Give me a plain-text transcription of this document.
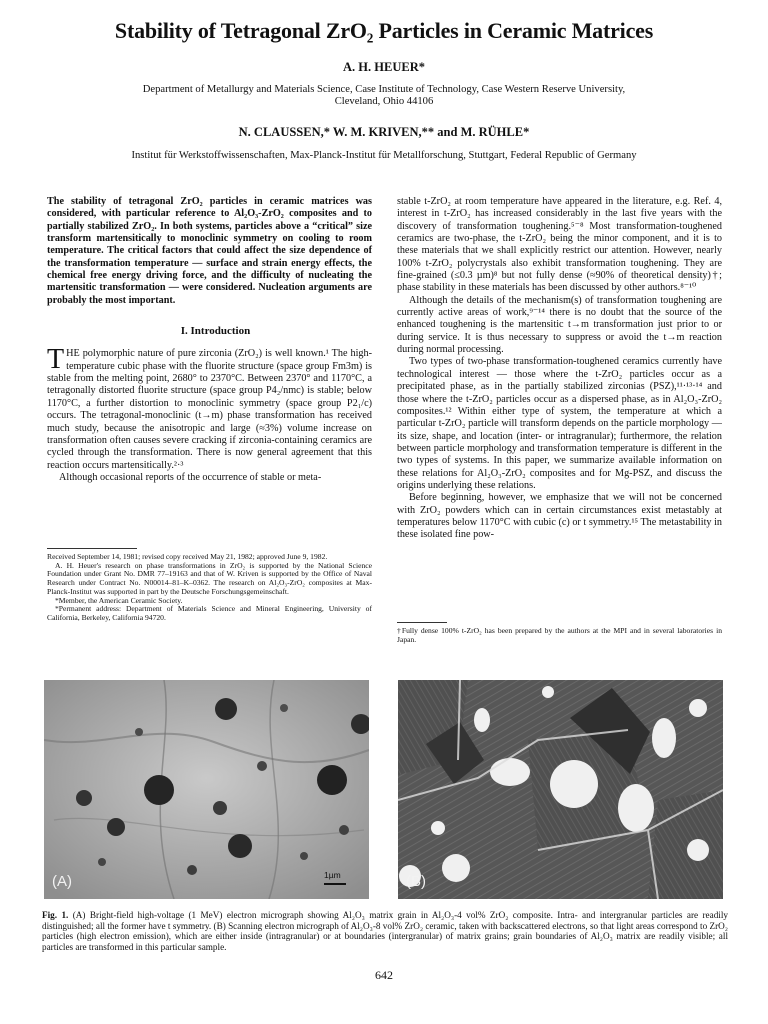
Stability of Tetragonal ZrO₂ Particles in Ceramic Matrices
A. H. HEUER*
Department of Metallurgy and Materials Science, Case Institute of Technology, Case Western Reserve University,
Cleveland, Ohio 44106
N. CLAUSSEN,* W. M. KRIVEN,** and M. RÜHLE*
Institut für Werkstoffwissenschaften, Max-Planck-Institut für Metallforschung, Stuttgart, Federal Republic of Germany

The stability of tetragonal ZrO₂ particles in ceramic matrices was considered, with particular reference to Al₂O₃-ZrO₂ composites and to partially stabilized ZrO₂. In both systems, particles above a “critical” size transform martensitically to monoclinic symmetry on cooling to room temperature. The critical factors that could affect the size dependence of the transformation temperature — surface and strain energy effects, the chemical free energy driving force, and the difficulty of nucleating the martensitic transformation — were considered. Nucleation arguments are probably the most important.

I. Introduction

THE polymorphic nature of pure zirconia (ZrO₂) is well known.¹ The high-temperature cubic phase with the fluorite structure (space group Fm3m) is stable from the melting point, 2680° to 2370°C. Between 2370° and 1170°C, a tetragonally distorted fluorite structure (space group P4₂/nmc) is stable; below 1170°C, a further distortion to monoclinic symmetry (space group P2₁/c) occurs. The tetragonal-monoclinic (t→m) phase transformation has received much study, because the anisotropic and large (≈3%) volume increase on transformation often causes severe cracking if zirconia-containing ceramics are cycled through the transformation. There is now general agreement that this reaction occurs martensitically.²·³

Although occasional reports of the occurrence of stable or meta-

Received September 14, 1981; revised copy received May 21, 1982; approved June 9, 1982.

A. H. Heuer's research on phase transformations in ZrO₂ is supported by the National Science Foundation under Grant No. DMR 77–19163 and that of W. Kriven is supported by the Office of Naval Research under Contract No. N00014–81–K–0362. The research on Al₂O₃-ZrO₂ composites at Max-Planck-Institut was supported in part by the Deutsche Forschungsgemeinschaft.

*Member, the American Ceramic Society.

*Permanent address: Department of Materials Science and Mineral Engineering, University of California, Berkeley, California 94720.

stable t-ZrO₂ at room temperature have appeared in the literature, e.g. Ref. 4, interest in t-ZrO₂ has increased considerably in the last five years with the discovery of transformation toughening.⁵⁻⁸ Most transformation-toughened ceramics are two-phase, the t-ZrO₂ being the minor component, and it is to these materials that we shall explicitly restrict our attention. However, nearly 100% t-ZrO₂ polycrystals also exhibit transformation toughening. They are fine-grained (≤0.3 µm)⁸ but not fully dense (≈90% of theoretical density)†; phase stability in these materials has been discussed by other authors.⁸⁻¹⁰

Although the details of the mechanism(s) of transformation toughening are currently active areas of work,⁹⁻¹⁴ there is no doubt that the source of the enhanced toughening is the martensitic t→m transformation just prior to or during service. It is thus necessary to suppress or avoid the t→m reaction during normal processing.

Two types of two-phase transformation-toughened ceramics currently have technological interest — those where the t-ZrO₂ particles occur as a precipitated phase, as in the partially stabilized zirconias (PSZ),¹¹·¹³·¹⁴ and those where the t-ZrO₂ particles occur as a dispersed phase, as in Al₂O₃-ZrO₂ composites.¹² Within either type of system, the temperature at which a particular t-ZrO₂ particle will transform depends on the particle morphology — its size, shape, and location (inter- or intragranular); furthermore, the relation between particle morphology and transformation temperature is different in the two types of systems. In this paper, we summarize available information on these relations for Al₂O₃-ZrO₂ composites and for Mg-PSZ, and discuss the origins underlying these relations.

Before beginning, however, we emphasize that we will not be concerned with ZrO₂ powders which can in certain circumstances exist metastably at temperatures below 1170°C with cubic (c) or t symmetry.¹⁵ The metastability in these isolated fine pow-

†Fully dense 100% t-ZrO₂ has been prepared by the authors at the MPI and in several laboratories in Japan.
(A)	1µm	(B)
Fig. 1. (A) Bright-field high-voltage (1 MeV) electron micrograph showing Al₂O₃ matrix grain in Al₂O₃-4 vol% ZrO₂ composite. Intra- and intergranular particles are readily distinguished; all the former have t symmetry. (B) Scanning electron micrograph of Al₂O₃-8 vol% ZrO₂ ceramic, taken with backscattered electrons, so that light areas correspond to ZrO₂ particles (high electron emission), which are either inside (intragranular) or at boundaries (intergranular) of matrix grains; grain boundaries of Al₂O₃ matrix are readily visible; all particles are transformed in this particular sample.
642
